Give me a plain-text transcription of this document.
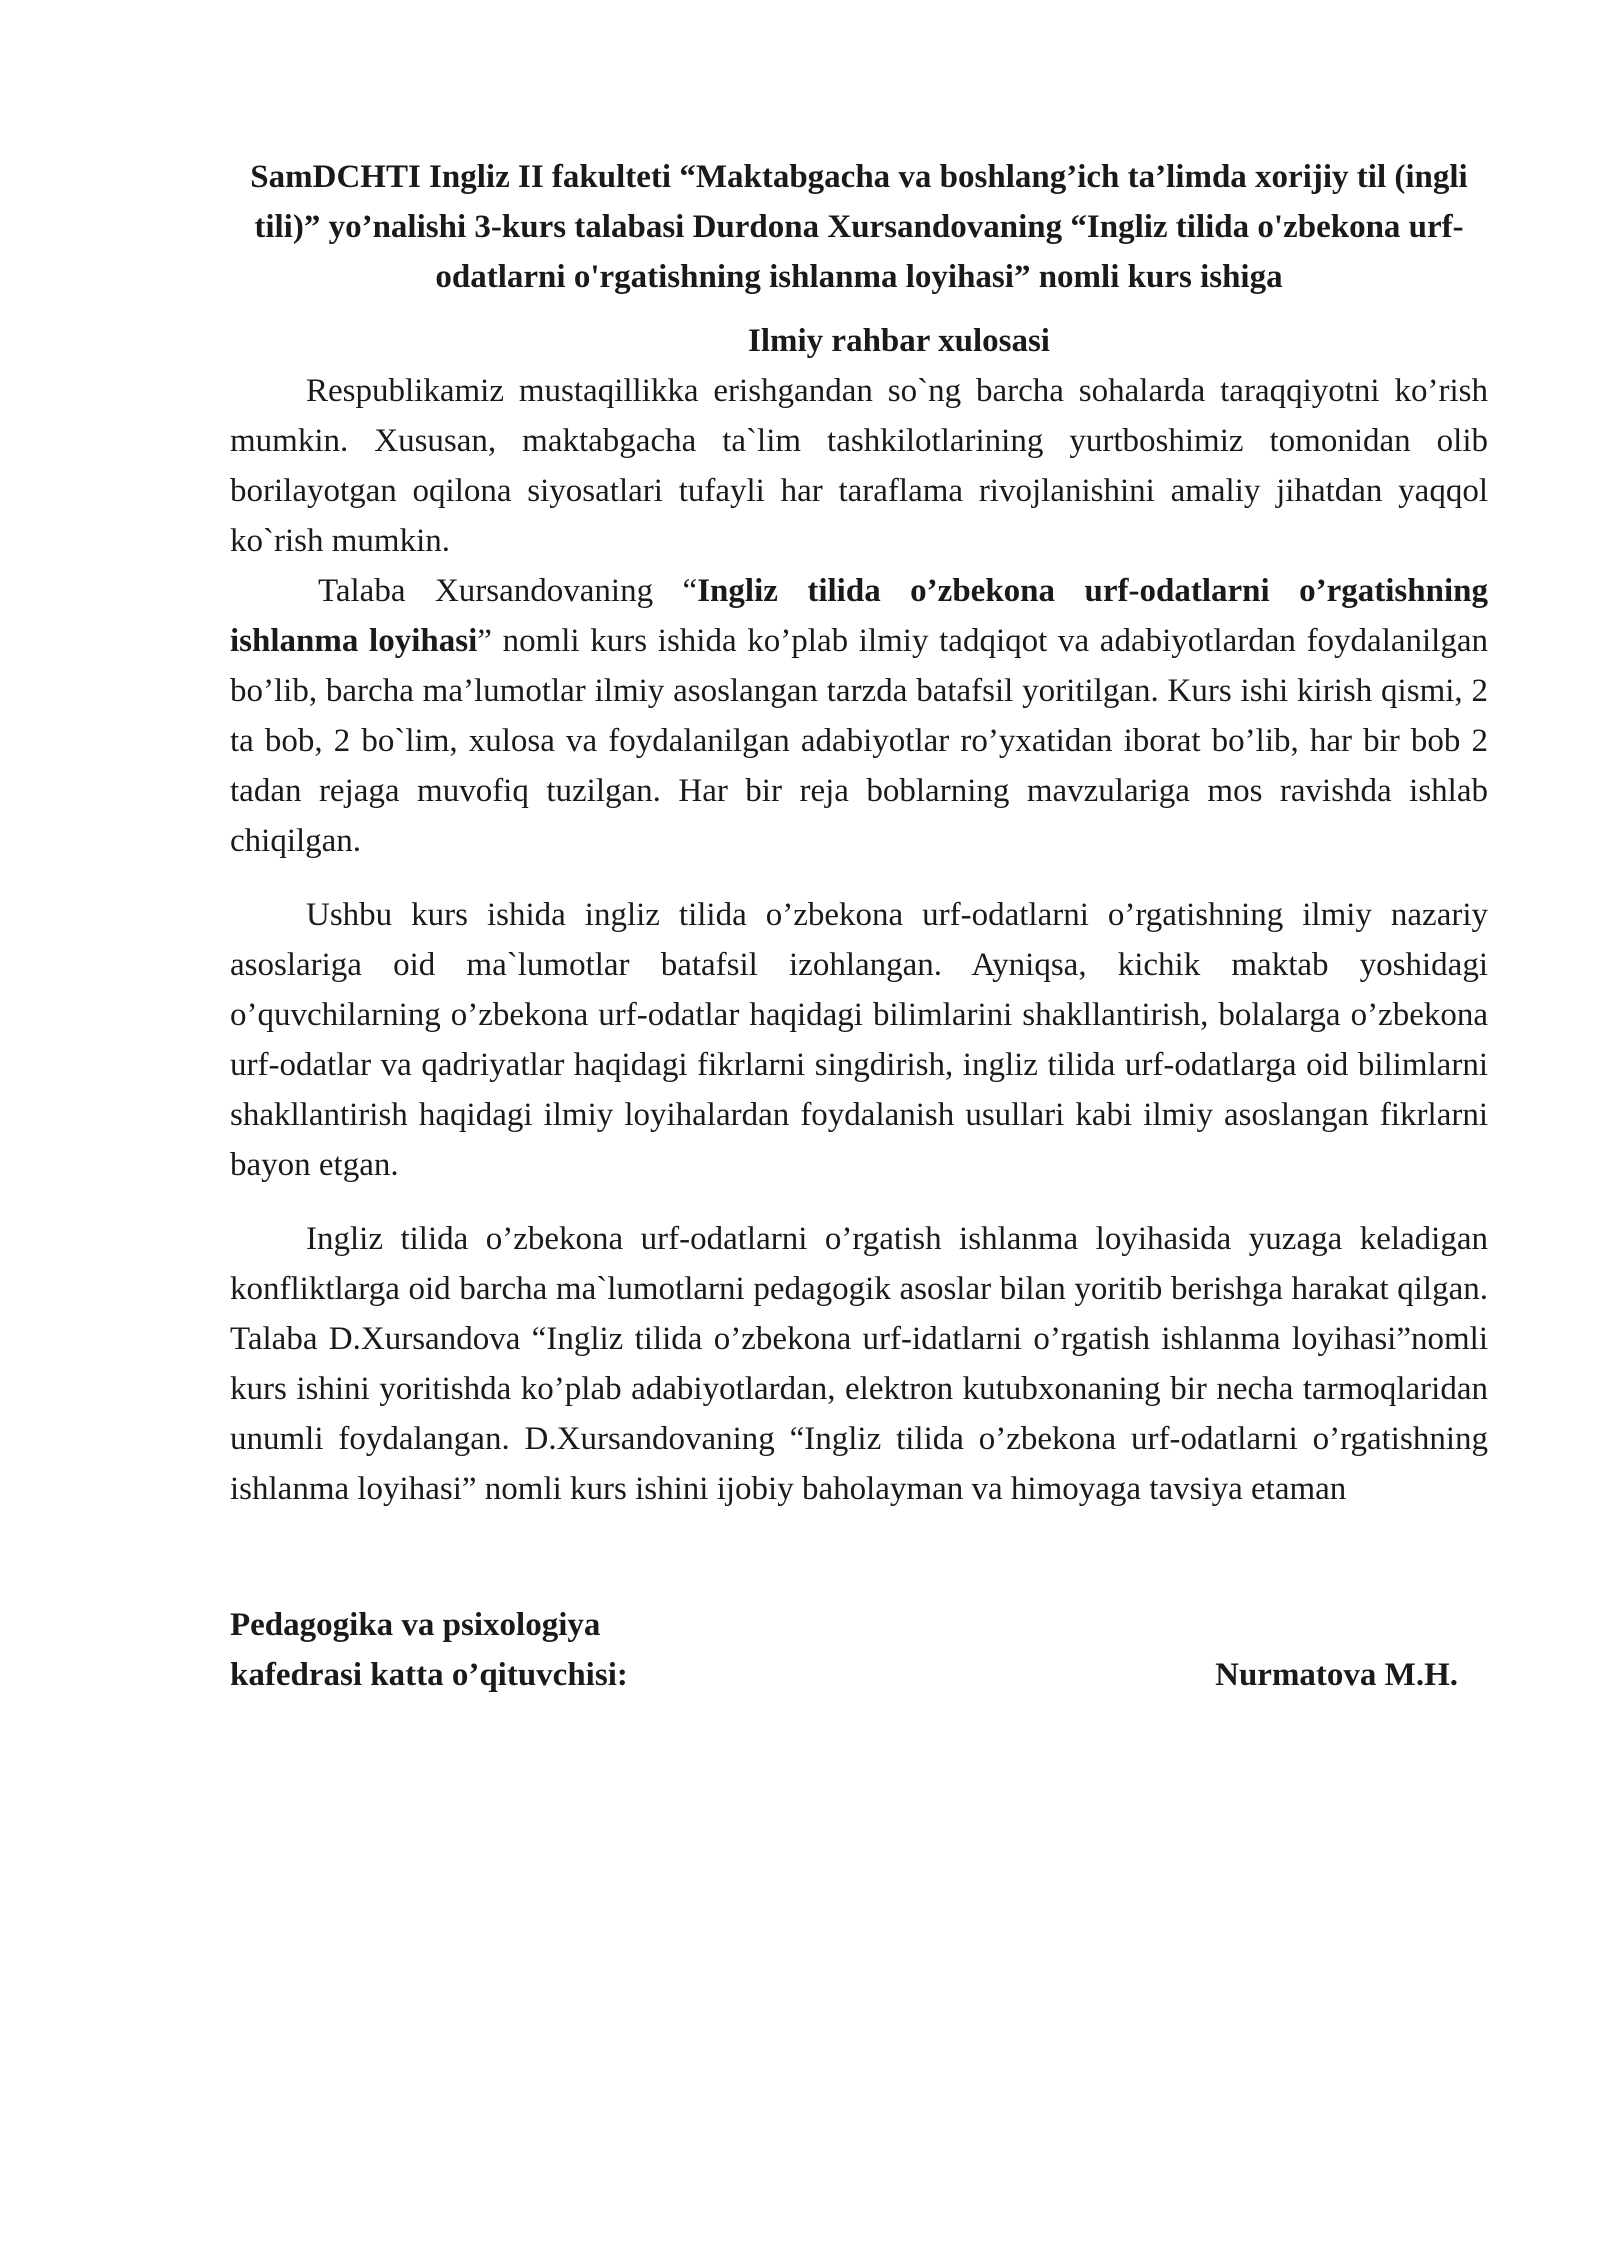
SamDCHTI Ingliz II fakulteti “Maktabgacha va boshlang’ich ta’limda xorijiy til (ingli tili)” yo’nalishi 3-kurs talabasi Durdona Xursandovaning “Ingliz tilida o'zbekona urf-odatlarni o'rgatishning ishlanma loyihasi” nomli kurs ishiga

Ilmiy rahbar xulosasi

Respublikamiz mustaqillikka erishgandan so`ng barcha sohalarda taraqqiyotni ko’rish mumkin. Xususan, maktabgacha ta`lim tashkilotlarining yurtboshimiz tomonidan olib borilayotgan oqilona siyosatlari tufayli har taraflama rivojlanishini amaliy jihatdan yaqqol ko`rish mumkin.

Talaba Xursandovaning “Ingliz tilida o’zbekona urf-odatlarni o’rgatishning ishlanma loyihasi” nomli kurs ishida ko’plab ilmiy tadqiqot va adabiyotlardan foydalanilgan bo’lib, barcha ma’lumotlar ilmiy asoslangan tarzda batafsil yoritilgan. Kurs ishi kirish qismi, 2 ta bob, 2 bo`lim, xulosa va foydalanilgan adabiyotlar ro’yxatidan iborat bo’lib, har bir bob 2 tadan rejaga muvofiq tuzilgan. Har bir reja boblarning mavzulariga mos ravishda ishlab chiqilgan.

Ushbu kurs ishida ingliz tilida o’zbekona urf-odatlarni o’rgatishning ilmiy nazariy asoslariga oid ma`lumotlar batafsil izohlangan. Ayniqsa, kichik maktab yoshidagi o’quvchilarning o’zbekona urf-odatlar haqidagi bilimlarini shakllantirish, bolalarga o’zbekona urf-odatlar va qadriyatlar haqidagi fikrlarni singdirish, ingliz tilida urf-odatlarga oid bilimlarni shakllantirish haqidagi ilmiy loyihalardan foydalanish usullari kabi ilmiy asoslangan fikrlarni bayon etgan.

Ingliz tilida o’zbekona urf-odatlarni o’rgatish ishlanma loyihasida yuzaga keladigan konfliktlarga oid barcha ma`lumotlarni pedagogik asoslar bilan yoritib berishga harakat qilgan. Talaba D.Xursandova “Ingliz tilida o’zbekona urf-idatlarni o’rgatish ishlanma loyihasi”nomli kurs ishini yoritishda ko’plab adabiyotlardan, elektron kutubxonaning bir necha tarmoqlaridan unumli foydalangan. D.Xursandovaning “Ingliz tilida o’zbekona urf-odatlarni o’rgatishning ishlanma loyihasi” nomli kurs ishini ijobiy baholayman va himoyaga tavsiya etaman

Pedagogika va psixologiya
kafedrasi katta o’qituvchisi:	Nurmatova M.H.
